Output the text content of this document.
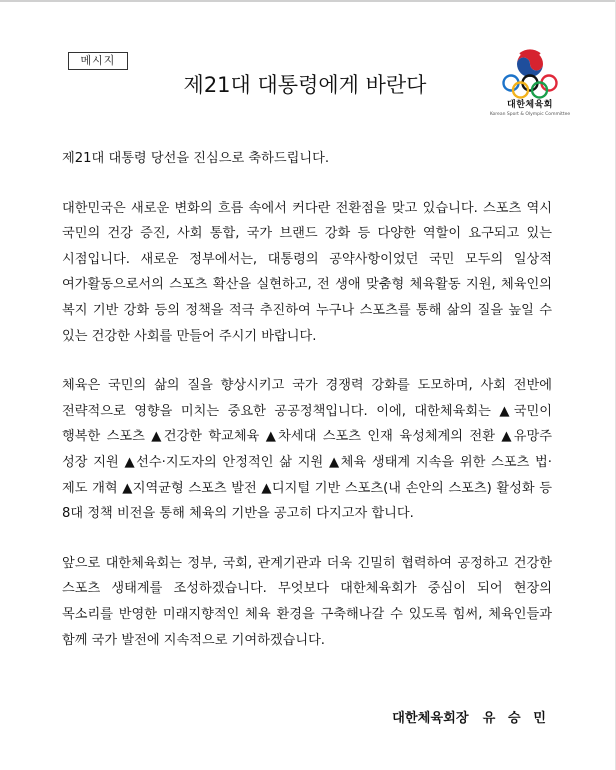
메시지
제21대 대통령에게 바란다
대한체육회
Korean Sport & Olympic Committee

제21대 대통령 당선을 진심으로 축하드립니다.

대한민국은 새로운 변화의 흐름 속에서 커다란 전환점을 맞고 있습니다. 스포츠 역시 국민의 건강 증진, 사회 통합, 국가 브랜드 강화 등 다양한 역할이 요구되고 있는 시점입니다. 새로운 정부에서는, 대통령의 공약사항이었던 국민 모두의 일상적 여가활동으로서의 스포츠 확산을 실현하고, 전 생애 맞춤형 체육활동 지원, 체육인의 복지 기반 강화 등의 정책을 적극 추진하여 누구나 스포츠를 통해 삶의 질을 높일 수 있는 건강한 사회를 만들어 주시기 바랍니다.

체육은 국민의 삶의 질을 향상시키고 국가 경쟁력 강화를 도모하며, 사회 전반에 전략적으로 영향을 미치는 중요한 공공정책입니다. 이에, 대한체육회는 ▲국민이 행복한 스포츠 ▲건강한 학교체육 ▲차세대 스포츠 인재 육성체계의 전환 ▲유망주 성장 지원 ▲선수·지도자의 안정적인 삶 지원 ▲체육 생태계 지속을 위한 스포츠 법·제도 개혁 ▲지역균형 스포츠 발전 ▲디지털 기반 스포츠(내 손안의 스포츠) 활성화 등 8대 정책 비전을 통해 체육의 기반을 공고히 다지고자 합니다.

앞으로 대한체육회는 정부, 국회, 관계기관과 더욱 긴밀히 협력하여 공정하고 건강한 스포츠 생태계를 조성하겠습니다. 무엇보다 대한체육회가 중심이 되어 현장의 목소리를 반영한 미래지향적인 체육 환경을 구축해나갈 수 있도록 힘써, 체육인들과 함께 국가 발전에 지속적으로 기여하겠습니다.

대한체육회장 유 승 민
